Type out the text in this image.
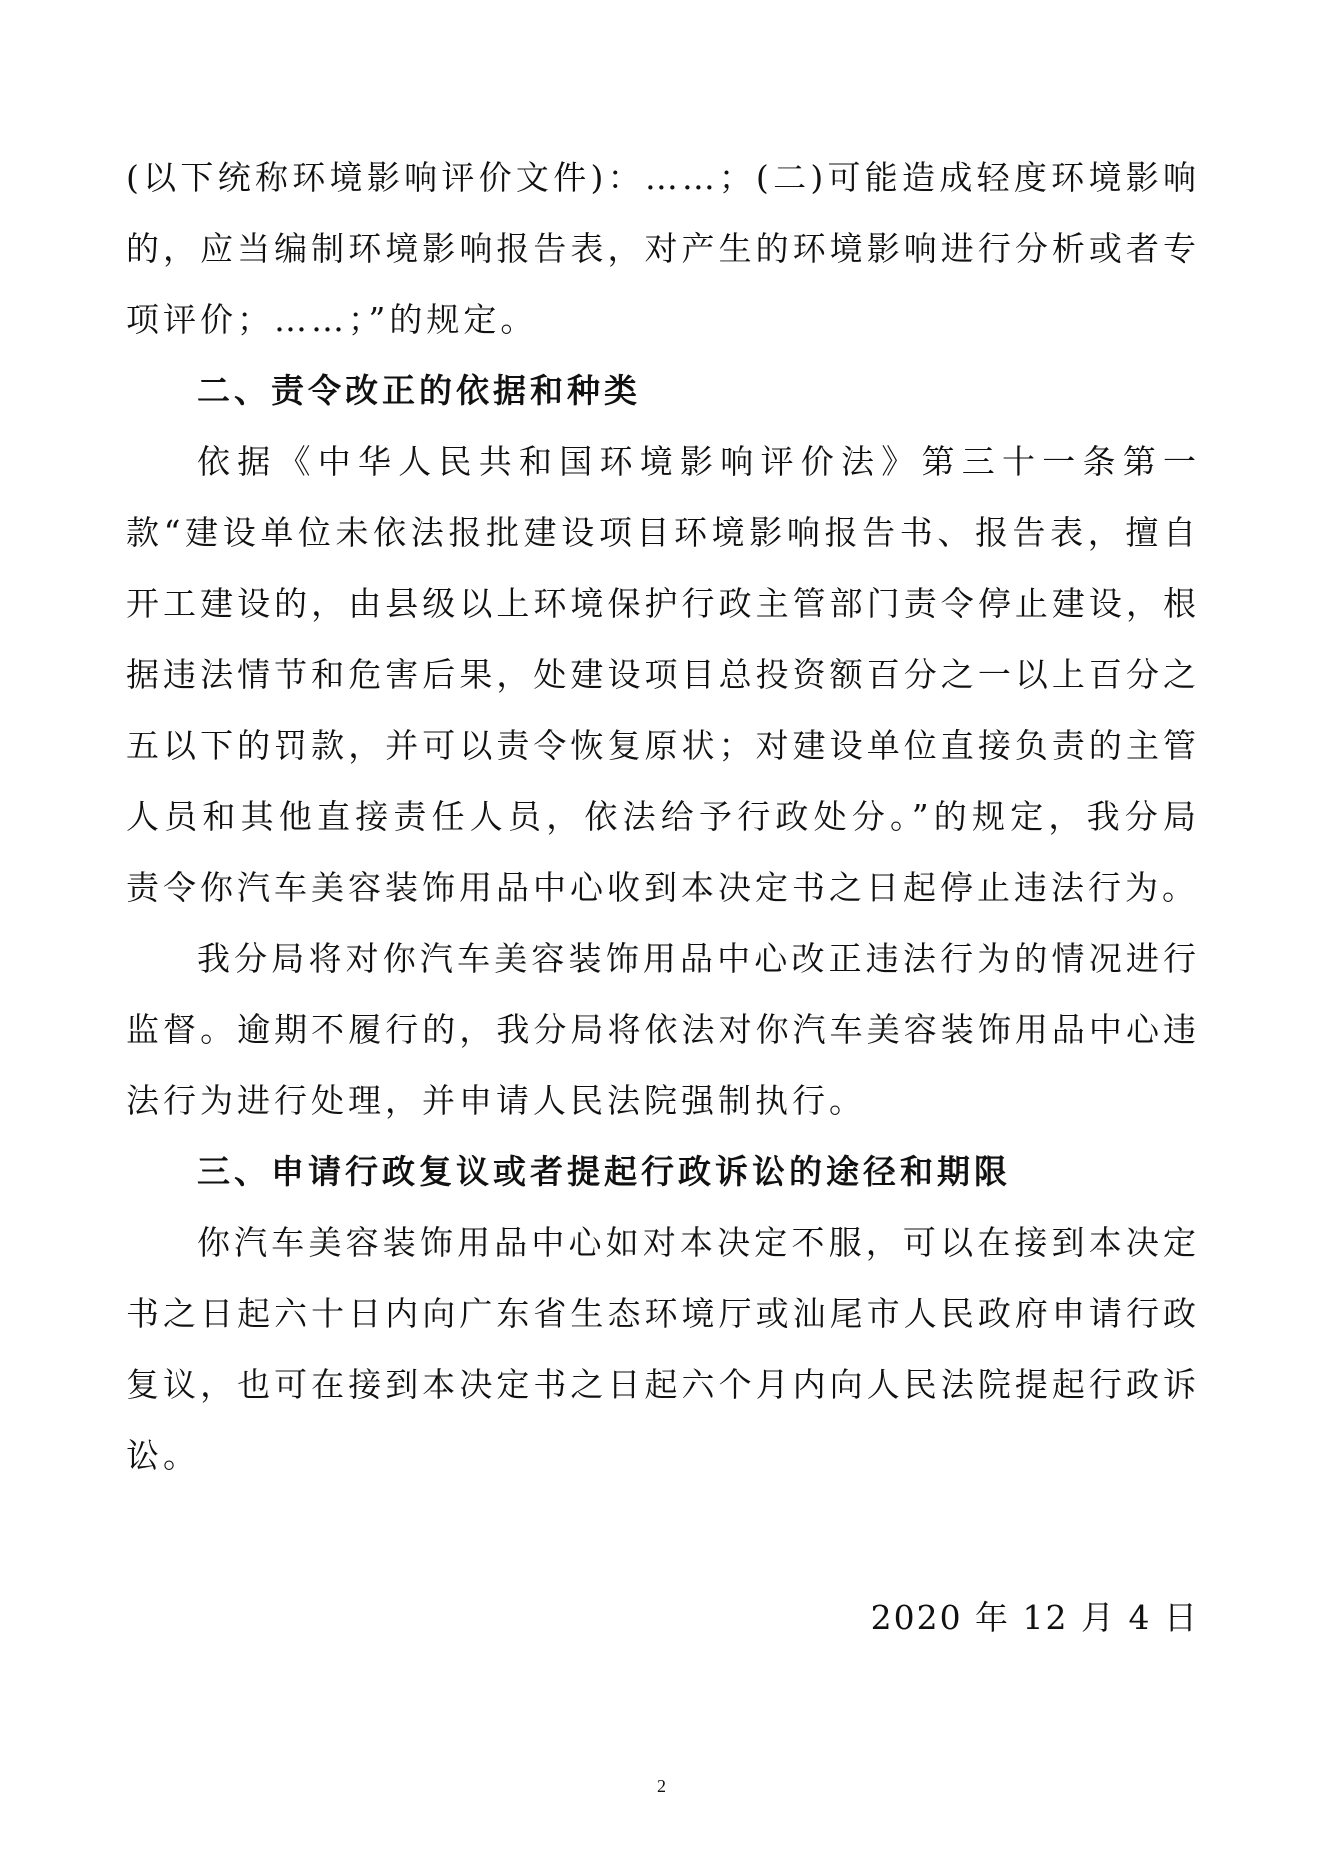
(以下统称环境影响评价文件)：……；(二)可能造成轻度环境影响的，应当编制环境影响报告表，对产生的环境影响进行分析或者专项评价；……；”的规定。

二、责令改正的依据和种类

依据《中华人民共和国环境影响评价法》第三十一条第一款“建设单位未依法报批建设项目环境影响报告书、报告表，擅自开工建设的，由县级以上环境保护行政主管部门责令停止建设，根据违法情节和危害后果，处建设项目总投资额百分之一以上百分之五以下的罚款，并可以责令恢复原状；对建设单位直接负责的主管人员和其他直接责任人员，依法给予行政处分。”的规定，我分局责令你汽车美容装饰用品中心收到本决定书之日起停止违法行为。

我分局将对你汽车美容装饰用品中心改正违法行为的情况进行监督。逾期不履行的，我分局将依法对你汽车美容装饰用品中心违法行为进行处理，并申请人民法院强制执行。

三、申请行政复议或者提起行政诉讼的途径和期限

你汽车美容装饰用品中心如对本决定不服，可以在接到本决定书之日起六十日内向广东省生态环境厅或汕尾市人民政府申请行政复议，也可在接到本决定书之日起六个月内向人民法院提起行政诉讼。

2020 年 12 月 4 日
2
